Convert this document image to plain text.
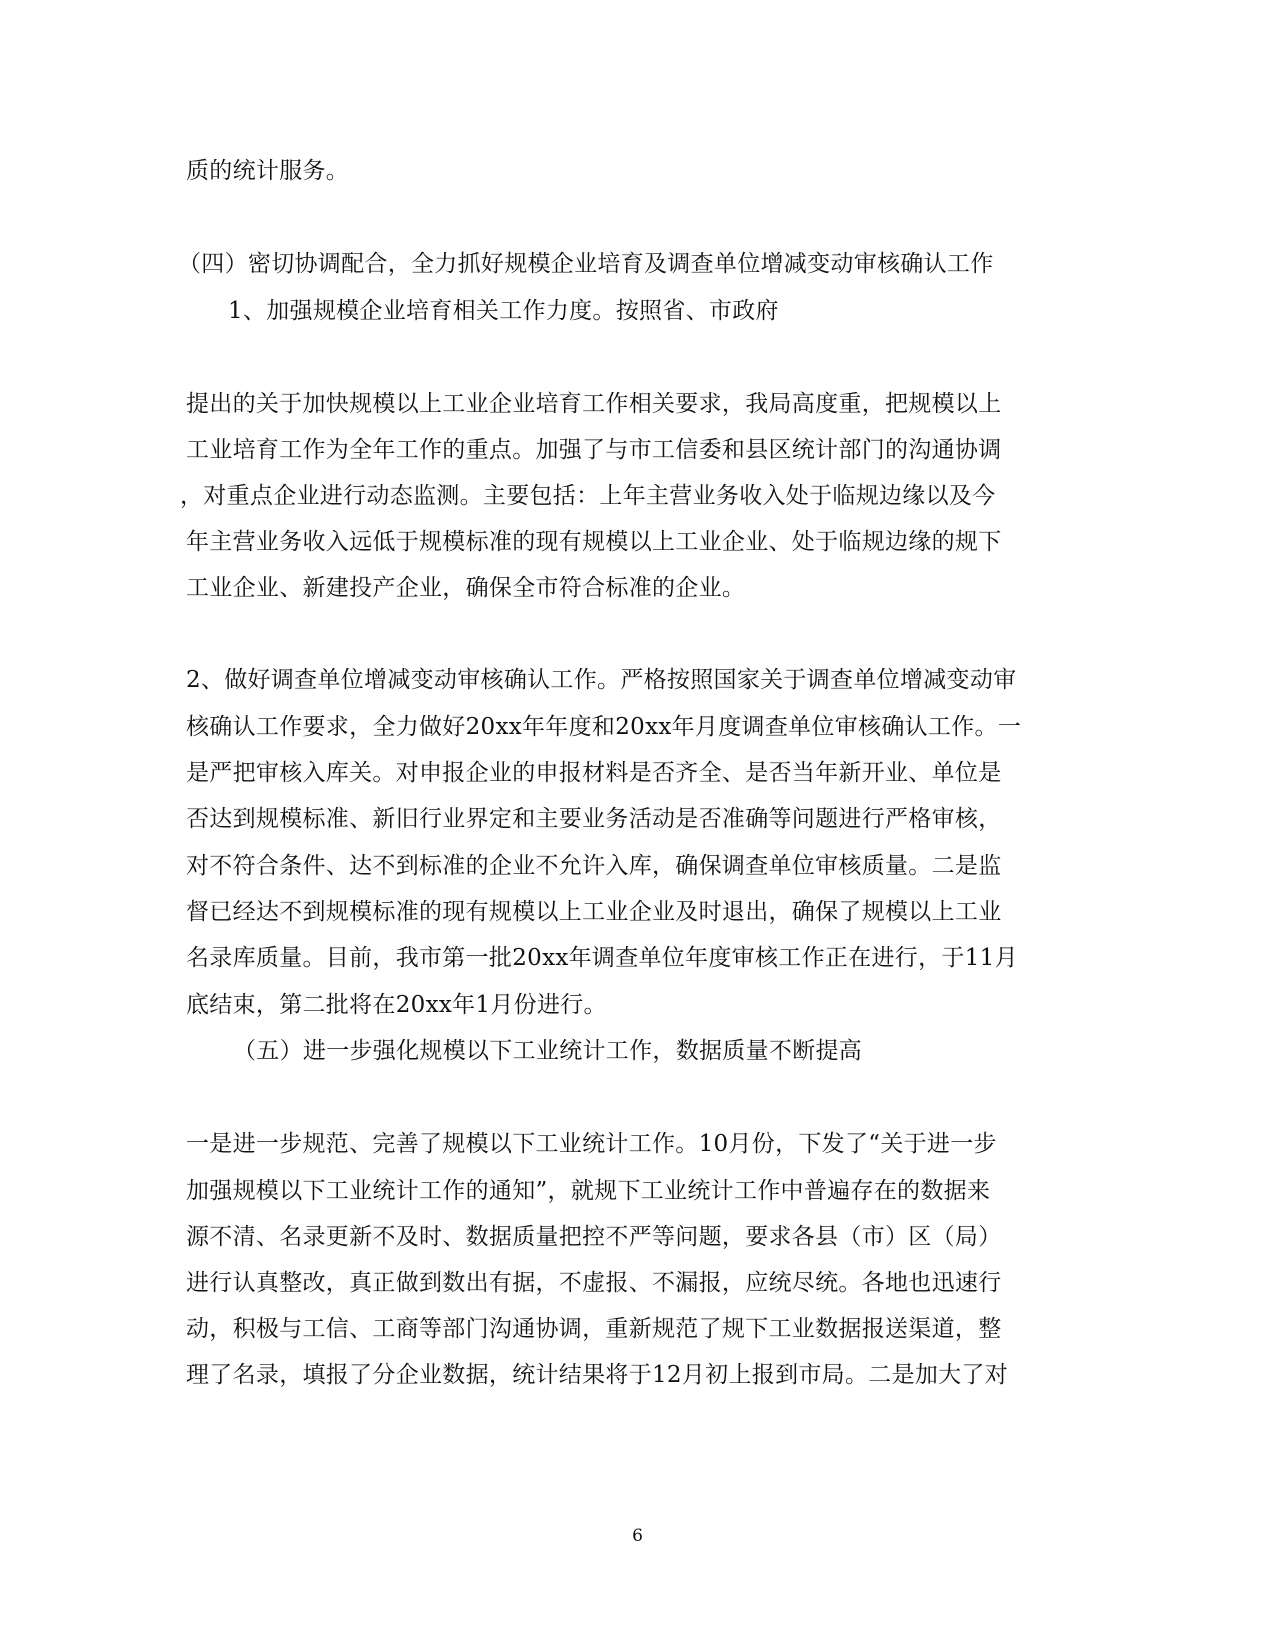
质的统计服务。
（四）密切协调配合，全力抓好规模企业培育及调查单位增减变动审核确认工作
1、加强规模企业培育相关工作力度。按照省、市政府
提出的关于加快规模以上工业企业培育工作相关要求，我局高度重，把规模以上
工业培育工作为全年工作的重点。加强了与市工信委和县区统计部门的沟通协调
，对重点企业进行动态监测。主要包括：上年主营业务收入处于临规边缘以及今
年主营业务收入远低于规模标准的现有规模以上工业企业、处于临规边缘的规下
工业企业、新建投产企业，确保全市符合标准的企业。
2、做好调查单位增减变动审核确认工作。严格按照国家关于调查单位增减变动审
核确认工作要求，全力做好20xx年年度和20xx年月度调查单位审核确认工作。一
是严把审核入库关。对申报企业的申报材料是否齐全、是否当年新开业、单位是
否达到规模标准、新旧行业界定和主要业务活动是否准确等问题进行严格审核，
对不符合条件、达不到标准的企业不允许入库，确保调查单位审核质量。二是监
督已经达不到规模标准的现有规模以上工业企业及时退出，确保了规模以上工业
名录库质量。目前，我市第一批20xx年调查单位年度审核工作正在进行，于11月
底结束，第二批将在20xx年1月份进行。
（五）进一步强化规模以下工业统计工作，数据质量不断提高
一是进一步规范、完善了规模以下工业统计工作。10月份，下发了“关于进一步
加强规模以下工业统计工作的通知”，就规下工业统计工作中普遍存在的数据来
源不清、名录更新不及时、数据质量把控不严等问题，要求各县（市）区（局）
进行认真整改，真正做到数出有据，不虚报、不漏报，应统尽统。各地也迅速行
动，积极与工信、工商等部门沟通协调，重新规范了规下工业数据报送渠道，整
理了名录，填报了分企业数据，统计结果将于12月初上报到市局。二是加大了对
6
